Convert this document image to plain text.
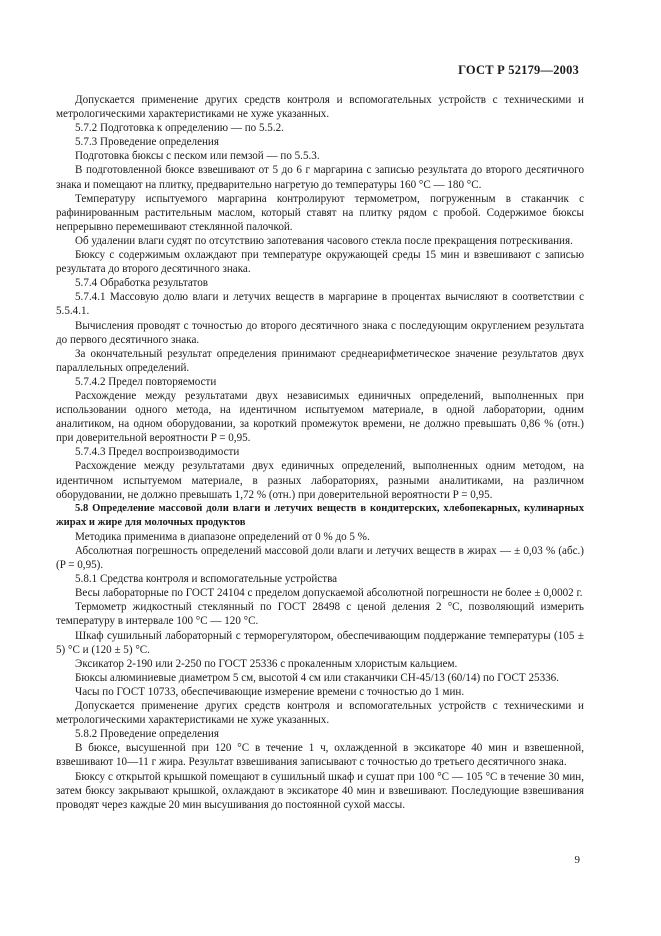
ГОСТ Р 52179—2003

Допускается применение других средств контроля и вспомогательных устройств с техническими и метрологическими характеристиками не хуже указанных.

5.7.2 Подготовка к определению — по 5.5.2.

5.7.3 Проведение определения

Подготовка бюксы с песком или пемзой — по 5.5.3.

В подготовленной бюксе взвешивают от 5 до 6 г маргарина с записью результата до второго десятичного знака и помещают на плитку, предварительно нагретую до температуры 160 °С — 180 °С.

Температуру испытуемого маргарина контролируют термометром, погруженным в стаканчик с рафинированным растительным маслом, который ставят на плитку рядом с пробой. Содержимое бюксы непрерывно перемешивают стеклянной палочкой.

Об удалении влаги судят по отсутствию запотевания часового стекла после прекращения потрескивания.

Бюксу с содержимым охлаждают при температуре окружающей среды 15 мин и взвешивают с записью результата до второго десятичного знака.

5.7.4 Обработка результатов

5.7.4.1 Массовую долю влаги и летучих веществ в маргарине в процентах вычисляют в соответствии с 5.5.4.1.

Вычисления проводят с точностью до второго десятичного знака с последующим округлением результата до первого десятичного знака.

За окончательный результат определения принимают среднеарифметическое значение результатов двух параллельных определений.

5.7.4.2 Предел повторяемости

Расхождение между результатами двух независимых единичных определений, выполненных при использовании одного метода, на идентичном испытуемом материале, в одной лаборатории, одним аналитиком, на одном оборудовании, за короткий промежуток времени, не должно превышать 0,86 % (отн.) при доверительной вероятности P = 0,95.

5.7.4.3 Предел воспроизводимости

Расхождение между результатами двух единичных определений, выполненных одним методом, на идентичном испытуемом материале, в разных лабораториях, разными аналитиками, на различном оборудовании, не должно превышать 1,72 % (отн.) при доверительной вероятности P = 0,95.

5.8 Определение массовой доли влаги и летучих веществ в кондитерских, хлебопекарных, кулинарных жирах и жире для молочных продуктов

Методика применима в диапазоне определений от 0 % до 5 %.

Абсолютная погрешность определений массовой доли влаги и летучих веществ в жирах — ± 0,03 % (абс.) (P = 0,95).

5.8.1 Средства контроля и вспомогательные устройства

Весы лабораторные по ГОСТ 24104 с пределом допускаемой абсолютной погрешности не более ± 0,0002 г.

Термометр жидкостный стеклянный по ГОСТ 28498 с ценой деления 2 °С, позволяющий измерить температуру в интервале 100 °С — 120 °С.

Шкаф сушильный лабораторный с терморегулятором, обеспечивающим поддержание температуры (105 ± 5) °С и (120 ± 5) °С.

Эксикатор 2-190 или 2-250 по ГОСТ 25336 с прокаленным хлористым кальцием.

Бюксы алюминиевые диаметром 5 см, высотой 4 см или стаканчики СН-45/13 (60/14) по ГОСТ 25336.

Часы по ГОСТ 10733, обеспечивающие измерение времени с точностью до 1 мин.

Допускается применение других средств контроля и вспомогательных устройств с техническими и метрологическими характеристиками не хуже указанных.

5.8.2 Проведение определения

В бюксе, высушенной при 120 °С в течение 1 ч, охлажденной в эксикаторе 40 мин и взвешенной, взвешивают 10—11 г жира. Результат взвешивания записывают с точностью до третьего десятичного знака.

Бюксу с открытой крышкой помещают в сушильный шкаф и сушат при 100 °С — 105 °С в течение 30 мин, затем бюксу закрывают крышкой, охлаждают в эксикаторе 40 мин и взвешивают. Последующие взвешивания проводят через каждые 20 мин высушивания до постоянной сухой массы.

9
